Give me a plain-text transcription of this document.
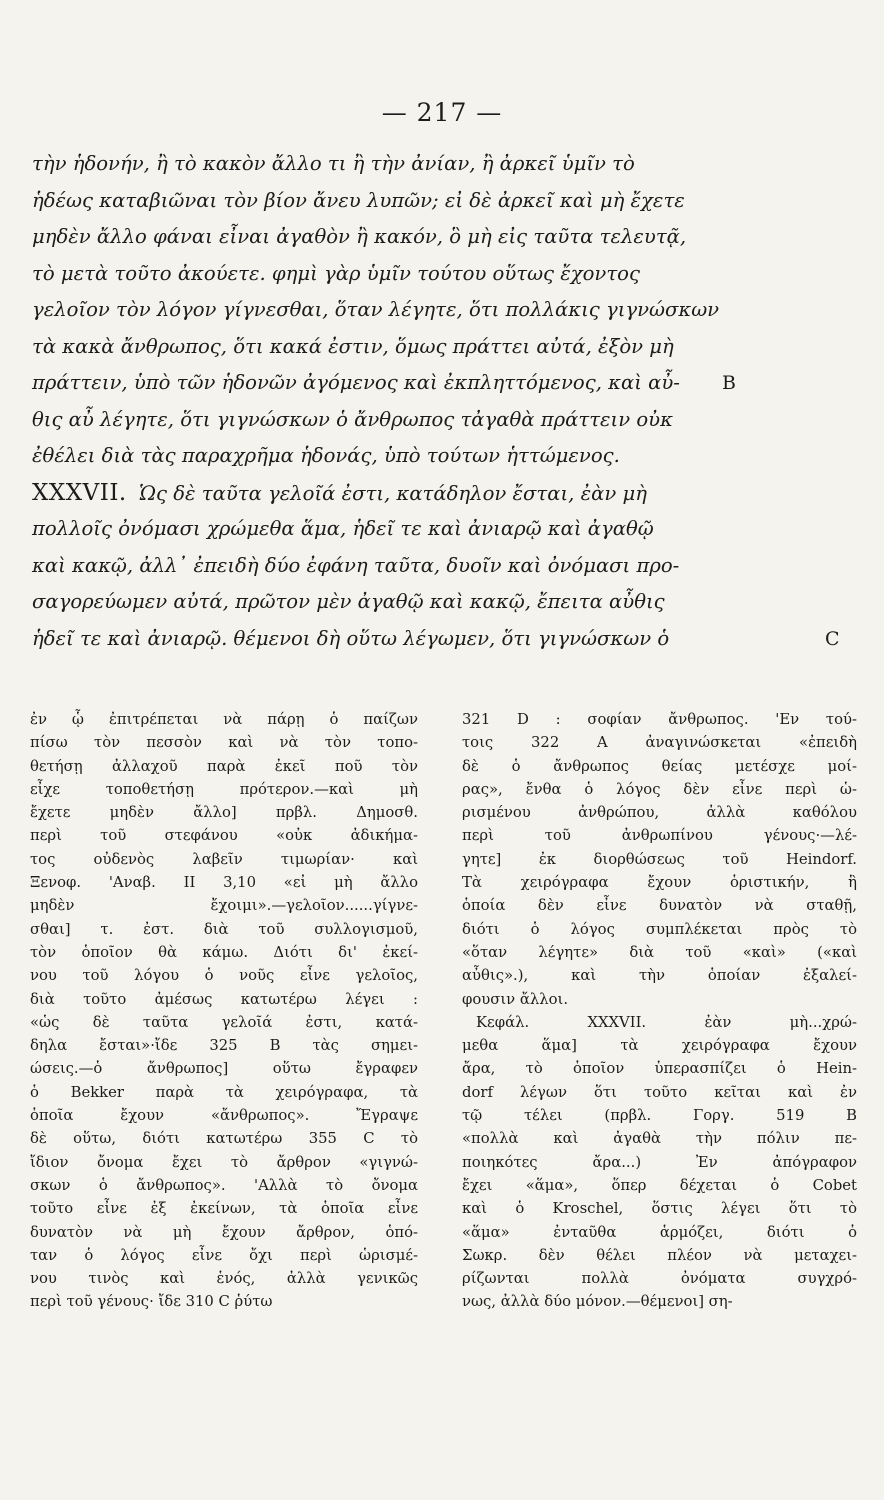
— 217 —
τὴν ἡδονήν, ἢ τὸ κακὸν ἄλλο τι ἢ τὴν ἀνίαν, ἢ ἀρκεῖ ὑμῖν τὸ
ἡδέως καταβιῶναι τὸν βίον ἄνευ λυπῶν; εἰ δὲ ἀρκεῖ καὶ μὴ ἔχετε
μηδὲν ἄλλο φάναι εἶναι ἀγαθὸν ἢ κακόν, ὃ μὴ εἰς ταῦτα τελευτᾷ,
τὸ μετὰ τοῦτο ἀκούετε. φημὶ γὰρ ὑμῖν τούτου οὕτως ἔχοντος
γελοῖον τὸν λόγον γίγνεσθαι, ὅταν λέγητε, ὅτι πολλάκις γιγνώσκων
τὰ κακὰ ἄνθρωπος, ὅτι κακά ἐστιν, ὅμως πράττει αὐτά, ἐξὸν μὴ
πράττειν, ὑπὸ τῶν ἡδονῶν ἀγόμενος καὶ ἐκπληττόμενος, καὶ αὖ- B
θις αὖ λέγητε, ὅτι γιγνώσκων ὁ ἄνθρωπος τἀγαθὰ πράττειν οὐκ
ἐθέλει διὰ τὰς παραχρῆμα ἡδονάς, ὑπὸ τούτων ἡττώμενος.
XXXVII. Ὡς δὲ ταῦτα γελοῖά ἐστι, κατάδηλον ἔσται, ἐὰν μὴ
πολλοῖς ὀνόμασι χρώμεθα ἅμα, ἡδεῖ τε καὶ ἀνιαρῷ καὶ ἀγαθῷ
καὶ κακῷ, ἀλλ᾽ ἐπειδὴ δύο ἐφάνη ταῦτα, δυοῖν καὶ ὀνόμασι προ-
σαγορεύωμεν αὐτά, πρῶτον μὲν ἀγαθῷ καὶ κακῷ, ἔπειτα αὖθις
ἡδεῖ τε καὶ ἀνιαρῷ. θέμενοι δὴ οὕτω λέγωμεν, ὅτι γιγνώσκων ὁ	C
ἐν ᾧ ἐπιτρέπεται νὰ πάρῃ ὁ παίζων
πίσω τὸν πεσσὸν καὶ νὰ τὸν τοπο-
θετήσῃ ἀλλαχοῦ παρὰ ἐκεῖ ποῦ τὸν
εἶχε τοποθετήσῃ πρότερον.—καὶ μὴ
ἔχετε μηδὲν ἄλλο] πρβλ. Δημοσθ.
περὶ τοῦ στεφάνου «οὐκ ἀδικήμα-
τος οὐδενὸς λαβεῖν τιμωρίαν· καὶ
Ξενοφ. 'Αναβ. ΙΙ 3,10 «εἰ μὴ ἄλλο
μηδὲν ἔχοιμι».—γελοῖον......γίγνε-
σθαι] τ. ἐστ. διὰ τοῦ συλλογισμοῦ,
τὸν ὁποῖον θὰ κάμω. Διότι δι' ἐκεί-
νου τοῦ λόγου ὁ νοῦς εἶνε γελοῖος,
διὰ τοῦτο ἀμέσως κατωτέρω λέγει :
«ὡς δὲ ταῦτα γελοῖά ἐστι, κατά-
δηλα ἔσται»·ἴδε 325 Β τὰς σημει-
ώσεις.—ὁ ἄνθρωπος] οὕτω ἔγραφεν
ὁ Bekker παρὰ τὰ χειρόγραφα, τὰ
ὁποῖα ἔχουν «ἄνθρωπος». Ἔγραψε
δὲ οὕτω, διότι κατωτέρω 355 C τὸ
ἴδιον ὄνομα ἔχει τὸ ἄρθρον «γιγνώ-
σκων ὁ ἄνθρωπος». 'Αλλὰ τὸ ὄνομα
τοῦτο εἶνε ἐξ ἐκείνων, τὰ ὁποῖα εἶνε
δυνατὸν νὰ μὴ ἔχουν ἄρθρον, ὁπό-
ταν ὁ λόγος εἶνε ὄχι περὶ ὡρισμέ-
νου τινὸς καὶ ἑνός, ἀλλὰ γενικῶς
περὶ τοῦ γένους· ἴδε 310 C ῥύτω
321 D : σοφίαν ἄνθρωπος. 'Εν τού-
τοις 322 Α ἀναγινώσκεται «ἐπειδὴ
δὲ ὁ ἄνθρωπος θείας μετέσχε μοί-
ρας», ἔνθα ὁ λόγος δὲν εἶνε περὶ ὡ-
ρισμένου ἀνθρώπου, ἀλλὰ καθόλου
περὶ τοῦ ἀνθρωπίνου γένους·—λέ-
γητε] ἐκ διορθώσεως τοῦ Heindorf.
Τὰ χειρόγραφα ἔχουν ὁριστικήν, ἣ
ὁποία δὲν εἶνε δυνατὸν νὰ σταθῇ,
διότι ὁ λόγος συμπλέκεται πρὸς τὸ
«ὅταν λέγητε» διὰ τοῦ «καὶ» («καὶ
αὖθις».), καὶ τὴν ὁποίαν ἐξαλεί-
φουσιν ἄλλοι.
Κεφάλ. XXXVII. ἐὰν μὴ...χρώ-
μεθα ἅμα] τὰ χειρόγραφα ἔχουν
ἄρα, τὸ ὁποῖον ὑπερασπίζει ὁ Hein-
dorf λέγων ὅτι τοῦτο κεῖται καὶ ἐν
τῷ τέλει (πρβλ. Γοργ. 519 Β
«πολλὰ καὶ ἀγαθὰ τὴν πόλιν πε-
ποιηκότες ἄρα...) Ἐν ἀπόγραφον
ἔχει «ἅμα», ὅπερ δέχεται ὁ Cobet
καὶ ὁ Kroschel, ὅστις λέγει ὅτι τὸ
«ἅμα» ἐνταῦθα ἁρμόζει, διότι ὁ
Σωκρ. δὲν θέλει πλέον νὰ μεταχει-
ρίζωνται πολλὰ ὀνόματα συγχρό-
νως, ἀλλὰ δύο μόνον.—θέμενοι] ση-
